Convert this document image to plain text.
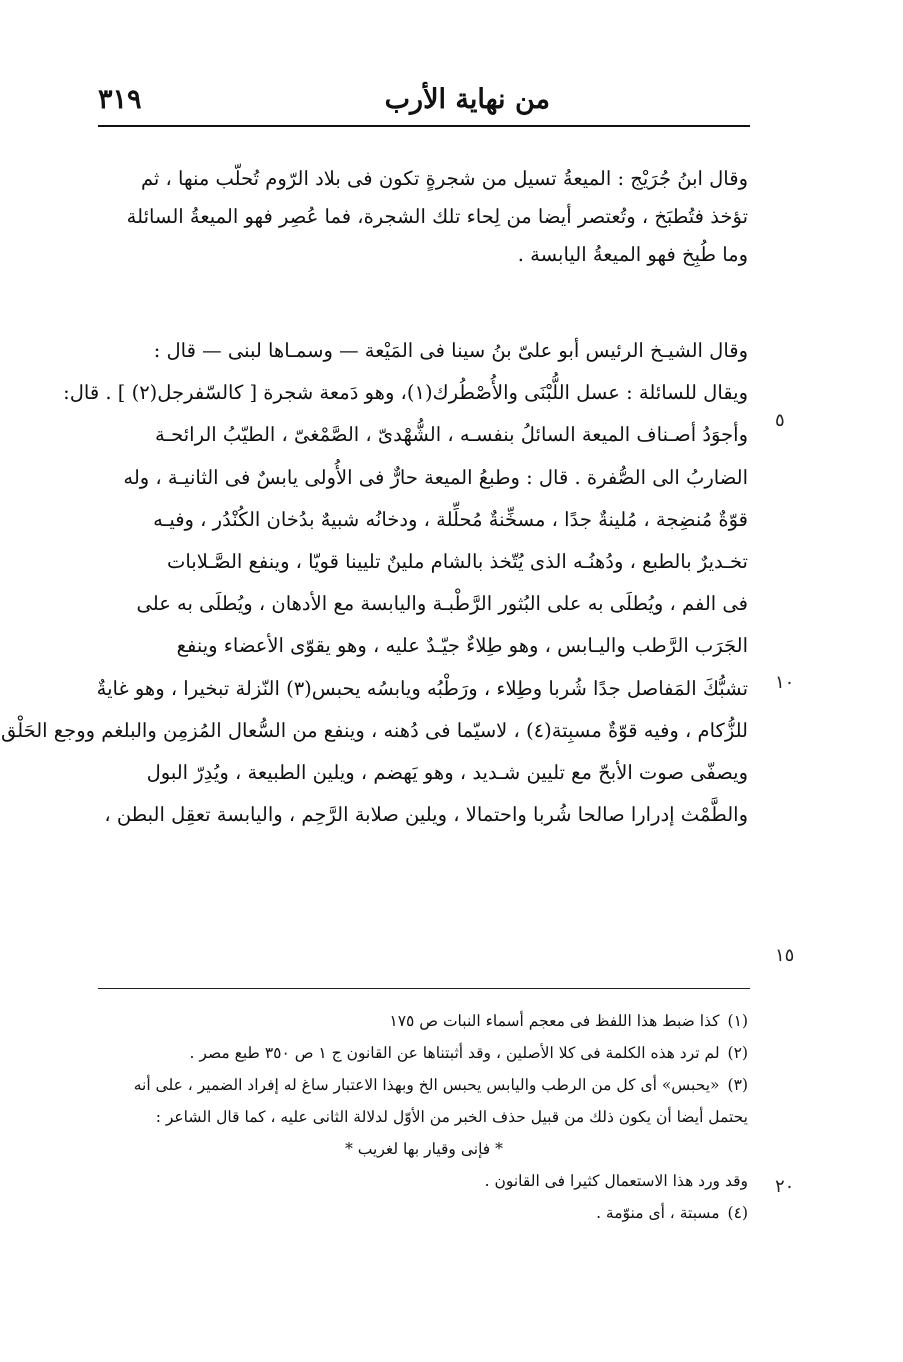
من نهاية الأرب
٣١٩
وقال ابنُ جُرَيْج : الميعةُ تسيل من شجرةٍ تكون فى بلاد الرّوم تُحلّب منها ، ثم
تؤخذ فتُطبَخ ، وتُعتصر أيضا من لِحاء تلك الشجرة، فما عُصِر فهو الميعةُ السائلة
وما طُبِخ فهو الميعةُ اليابسة .
وقال الشيـخ الرئيس أبو علىّ بنُ سينا فى المَيْعة — وسمـاها لبنى — قال :
ويقال للسائلة : عسل اللُّبْنَى والأُصْطُرك(١)، وهو دَمعة شجرة [ كالسّفرجل(٢) ] . قال:
وأجوَدُ أصـناف الميعة السائلُ بنفسـه ، الشُّهْدىّ ، الصَّمْغىّ ، الطيّبُ الرائحـة
الضاربُ الى الصُّفرة . قال : وطبعُ الميعة حارٌّ فى الأُولى يابسٌ فى الثانيـة ، وله
قوّةٌ مُنضِجة ، مُلينةٌ جدًا ، مسخِّنةٌ مُحلِّلة ، ودخانُه شبيهٌ بدُخان الكُنْدُر ، وفيـه
تخـديرٌ بالطبع ، ودُهنُـه الذى يُتّخذ بالشام ملينٌ تليينا قويّا ، وينفع الصَّـلابات
فى الفم ، ويُطلَى به على البُثور الرَّطْبـة واليابسة مع الأدهان ، ويُطلَى به على
الجَرَب الرَّطب واليـابس ، وهو طِلاءٌ جيّـدٌ عليه ، وهو يقوّى الأعضاء وينفع
تشبُّكَ المَفاصل جدًا شُربا وطِلاء ، ورَطْبُه ويابسُه يحبس(٣) النّزلة تبخيرا ، وهو غايةٌ
للزُّكام ، وفيه قوّةٌ مسبِتة(٤) ، لاسيّما فى دُهنه ، وينفع من السُّعال المُزمِن والبلغم ووجع الحَلْق
ويصفّى صوت الأبحّ مع تليين شـديد ، وهو يَهضم ، ويلين الطبيعة ، ويُدِرّ البول
والطَّمْث إدرارا صالحا شُربا واحتمالا ، ويلين صلابة الرَّحِم ، واليابسة تعقِل البطن ،
٥
١٠
١٥
٢٠
(١)كذا ضبط هذا اللفظ فى معجم أسماء النبات ص ١٧٥
(٢)لم ترد هذه الكلمة فى كلا الأصلين ، وقد أثبتناها عن القانون ج ١ ص ٣٥٠ طبع مصر .
(٣)«يحبس» أى كل من الرطب واليابس يحبس الخ وبهذا الاعتبار ساغ له إفراد الضمير ، على أنه
يحتمل أيضا أن يكون ذلك من قبيل حذف الخبر من الأوّل لدلالة الثانى عليه ، كما قال الشاعر :
* فإنى وقيار بها لغريب *
وقد ورد هذا الاستعمال كثيرا فى القانون .
(٤)مسبتة ، أى منوّمة .
